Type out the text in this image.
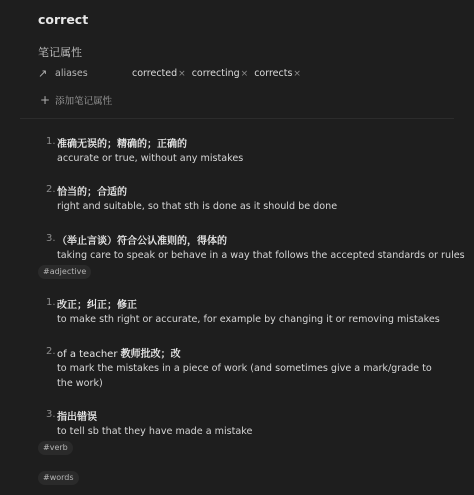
correct
笔记属性
↗ aliases	corrected× correcting× corrects×
+ 添加笔记属性
1. 准确无误的；精确的；正确的
accurate or true, without any mistakes
2. 恰当的；合适的
right and suitable, so that sth is done as it should be done
3. （举止言谈）符合公认准则的，得体的
taking care to speak or behave in a way that follows the accepted standards or rules
#adjective
1. 改正；纠正；修正
to make sth right or accurate, for example by changing it or removing mistakes
2. of a teacher 教师批改；改
to mark the mistakes in a piece of work (and sometimes give a mark/grade to the work)
3. 指出错误
to tell sb that they have made a mistake
#verb
#words
